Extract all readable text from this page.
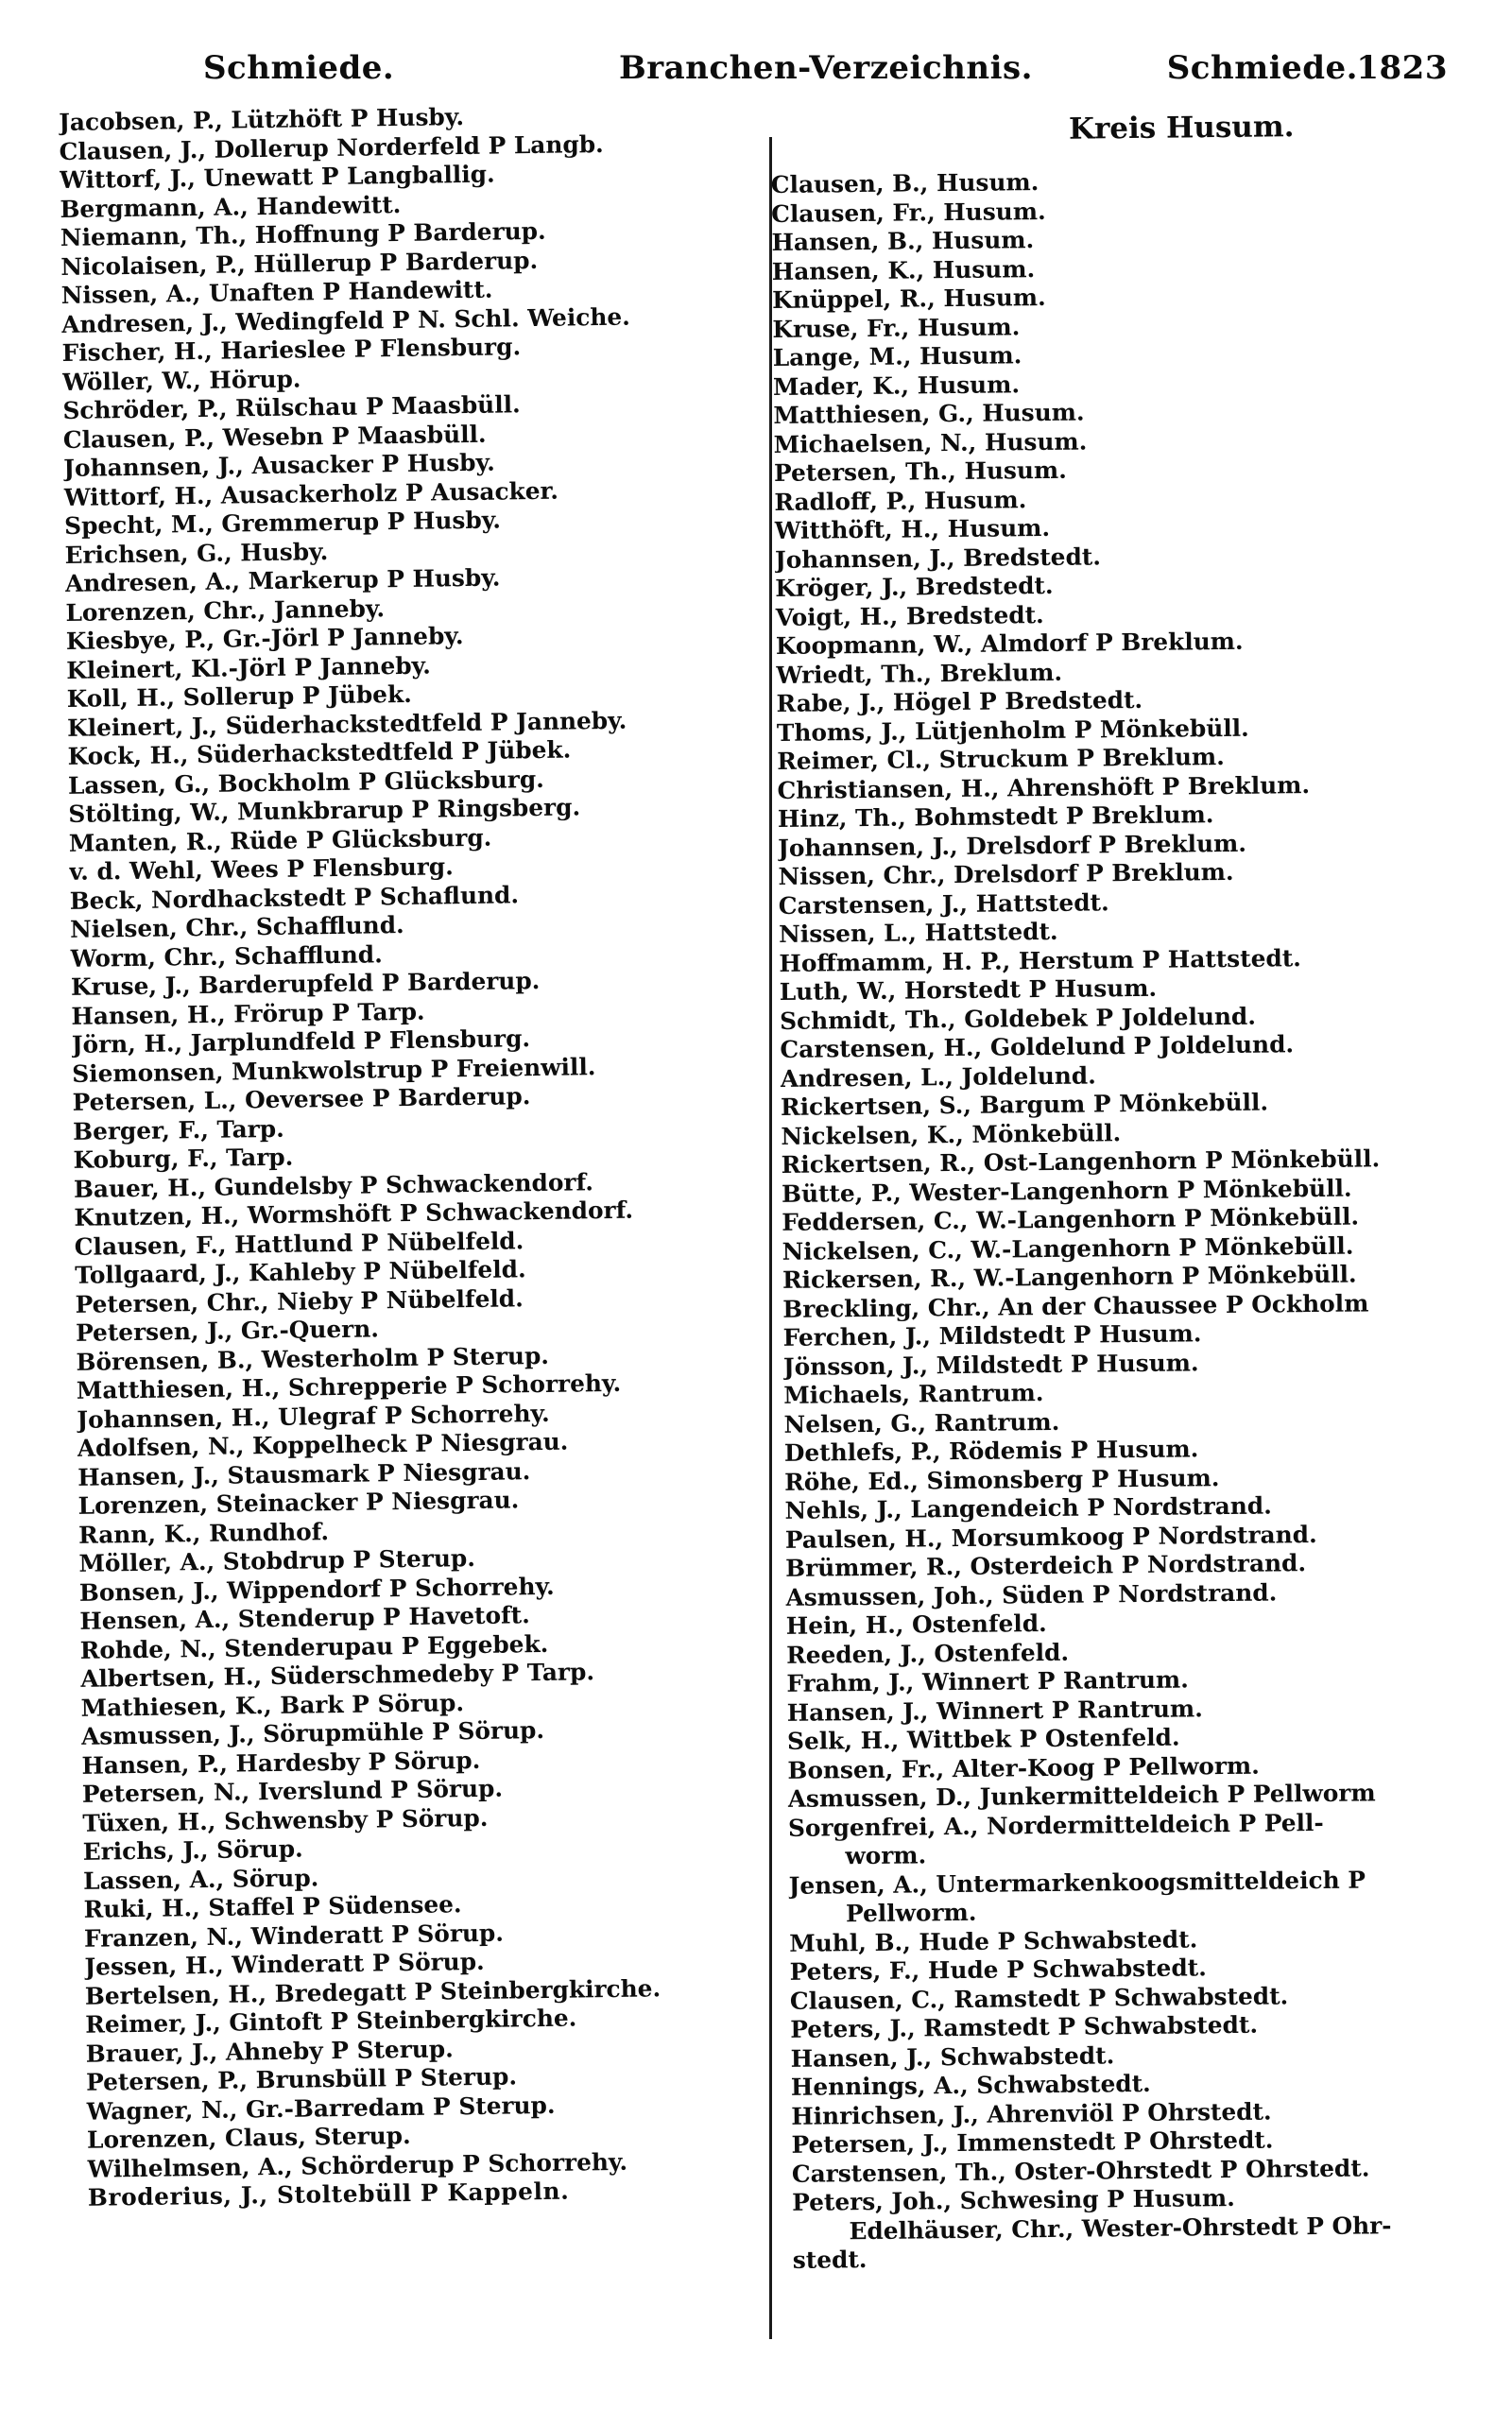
Schmiede.	Branchen-Verzeichnis.	Schmiede.
1823
Jacobsen, P., Lützhöft P Husby.
Clausen, J., Dollerup Norderfeld P Langb.
Wittorf, J., Unewatt P Langballig.
Bergmann, A., Handewitt.
Niemann, Th., Hoffnung P Barderup.
Nicolaisen, P., Hüllerup P Barderup.
Nissen, A., Unaften P Handewitt.
Andresen, J., Wedingfeld P N. Schl. Weiche.
Fischer, H., Harieslee P Flensburg.
Wöller, W., Hörup.
Schröder, P., Rülschau P Maasbüll.
Clausen, P., Wesebn P Maasbüll.
Johannsen, J., Ausacker P Husby.
Wittorf, H., Ausackerholz P Ausacker.
Specht, M., Gremmerup P Husby.
Erichsen, G., Husby.
Andresen, A., Markerup P Husby.
Lorenzen, Chr., Janneby.
Kiesbye, P., Gr.-Jörl P Janneby.
Kleinert, Kl.-Jörl P Janneby.
Koll, H., Sollerup P Jübek.
Kleinert, J., Süderhackstedtfeld P Janneby.
Kock, H., Süderhackstedtfeld P Jübek.
Lassen, G., Bockholm P Glücksburg.
Stölting, W., Munkbrarup P Ringsberg.
Manten, R., Rüde P Glücksburg.
v. d. Wehl, Wees P Flensburg.
Beck, Nordhackstedt P Schaflund.
Nielsen, Chr., Schafflund.
Worm, Chr., Schafflund.
Kruse, J., Barderupfeld P Barderup.
Hansen, H., Frörup P Tarp.
Jörn, H., Jarplundfeld P Flensburg.
Siemonsen, Munkwolstrup P Freienwill.
Petersen, L., Oeversee P Barderup.
Berger, F., Tarp.
Koburg, F., Tarp.
Bauer, H., Gundelsby P Schwackendorf.
Knutzen, H., Wormshöft P Schwackendorf.
Clausen, F., Hattlund P Nübelfeld.
Tollgaard, J., Kahleby P Nübelfeld.
Petersen, Chr., Nieby P Nübelfeld.
Petersen, J., Gr.-Quern.
Börensen, B., Westerholm P Sterup.
Matthiesen, H., Schrepperie P Schorrehy.
Johannsen, H., Ulegraf P Schorrehy.
Adolfsen, N., Koppelheck P Niesgrau.
Hansen, J., Stausmark P Niesgrau.
Lorenzen, Steinacker P Niesgrau.
Rann, K., Rundhof.
Möller, A., Stobdrup P Sterup.
Bonsen, J., Wippendorf P Schorrehy.
Hensen, A., Stenderup P Havetoft.
Rohde, N., Stenderupau P Eggebek.
Albertsen, H., Süderschmedeby P Tarp.
Mathiesen, K., Bark P Sörup.
Asmussen, J., Sörupmühle P Sörup.
Hansen, P., Hardesby P Sörup.
Petersen, N., Iverslund P Sörup.
Tüxen, H., Schwensby P Sörup.
Erichs, J., Sörup.
Lassen, A., Sörup.
Ruki, H., Staffel P Südensee.
Franzen, N., Winderatt P Sörup.
Jessen, H., Winderatt P Sörup.
Bertelsen, H., Bredegatt P Steinbergkirche.
Reimer, J., Gintoft P Steinbergkirche.
Brauer, J., Ahneby P Sterup.
Petersen, P., Brunsbüll P Sterup.
Wagner, N., Gr.-Barredam P Sterup.
Lorenzen, Claus, Sterup.
Wilhelmsen, A., Schörderup P Schorrehy.
Broderius, J., Stoltebüll P Kappeln.
Kreis Husum.
Clausen, B., Husum.
Clausen, Fr., Husum.
Hansen, B., Husum.
Hansen, K., Husum.
Knüppel, R., Husum.
Kruse, Fr., Husum.
Lange, M., Husum.
Mader, K., Husum.
Matthiesen, G., Husum.
Michaelsen, N., Husum.
Petersen, Th., Husum.
Radloff, P., Husum.
Witthöft, H., Husum.
Johannsen, J., Bredstedt.
Kröger, J., Bredstedt.
Voigt, H., Bredstedt.
Koopmann, W., Almdorf P Breklum.
Wriedt, Th., Breklum.
Rabe, J., Högel P Bredstedt.
Thoms, J., Lütjenholm P Mönkebüll.
Reimer, Cl., Struckum P Breklum.
Christiansen, H., Ahrenshöft P Breklum.
Hinz, Th., Bohmstedt P Breklum.
Johannsen, J., Drelsdorf P Breklum.
Nissen, Chr., Drelsdorf P Breklum.
Carstensen, J., Hattstedt.
Nissen, L., Hattstedt.
Hoffmamm, H. P., Herstum P Hattstedt.
Luth, W., Horstedt P Husum.
Schmidt, Th., Goldebek P Joldelund.
Carstensen, H., Goldelund P Joldelund.
Andresen, L., Joldelund.
Rickertsen, S., Bargum P Mönkebüll.
Nickelsen, K., Mönkebüll.
Rickertsen, R., Ost-Langenhorn P Mönkebüll.
Bütte, P., Wester-Langenhorn P Mönkebüll.
Feddersen, C., W.-Langenhorn P Mönkebüll.
Nickelsen, C., W.-Langenhorn P Mönkebüll.
Rickersen, R., W.-Langenhorn P Mönkebüll.
Breckling, Chr., An der Chaussee P Ockholm
Ferchen, J., Mildstedt P Husum.
Jönsson, J., Mildstedt P Husum.
Michaels, Rantrum.
Nelsen, G., Rantrum.
Dethlefs, P., Rödemis P Husum.
Röhe, Ed., Simonsberg P Husum.
Nehls, J., Langendeich P Nordstrand.
Paulsen, H., Morsumkoog P Nordstrand.
Brümmer, R., Osterdeich P Nordstrand.
Asmussen, Joh., Süden P Nordstrand.
Hein, H., Ostenfeld.
Reeden, J., Ostenfeld.
Frahm, J., Winnert P Rantrum.
Hansen, J., Winnert P Rantrum.
Selk, H., Wittbek P Ostenfeld.
Bonsen, Fr., Alter-Koog P Pellworm.
Asmussen, D., Junkermitteldeich P Pellworm
Sorgenfrei, A., Nordermitteldeich P Pell-
worm.
Jensen, A., Untermarkenkoogsmitteldeich P
Pellworm.
Muhl, B., Hude P Schwabstedt.
Peters, F., Hude P Schwabstedt.
Clausen, C., Ramstedt P Schwabstedt.
Peters, J., Ramstedt P Schwabstedt.
Hansen, J., Schwabstedt.
Hennings, A., Schwabstedt.
Hinrichsen, J., Ahrenviöl P Ohrstedt.
Petersen, J., Immenstedt P Ohrstedt.
Carstensen, Th., Oster-Ohrstedt P Ohrstedt.
Peters, Joh., Schwesing P Husum.
Edelhäuser, Chr., Wester-Ohrstedt P Ohr-
stedt.
